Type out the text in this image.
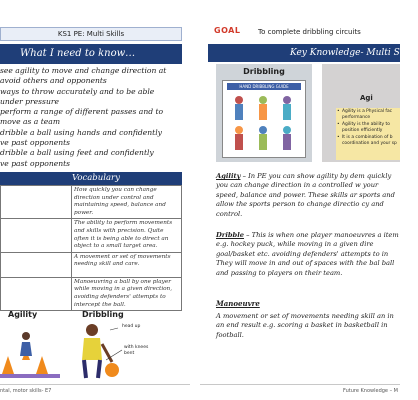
KS1 PE: Multi Skills
What I need to know…
see agility to move and change direction at
avoid others and opponents
ways to throw accurately and to be able
under pressure
perform a range of different passes and to
move as a team
dribble a ball using hands and confidently
ve past opponents
dribble a ball using feet and confidently
ve past opponents
Vocabulary
	How quickly you can change direction under control and maintaining speed, balance and power.
	The ability to perform movements and skills with precision. Quite often it is being able to direct an object to a small target area.
	A movement or set of movements needing skill and care.
	Manoeuvring a ball by one player while moving in a given direction, avoiding defenders' attempts to intercept the ball.
Agility	Dribbling
head up
with knees bent
ntal, motor skills- E7
GOAL	To complete dribbling circuits
Key Knowledge- Multi Skills
Dribbling
HAND DRIBBLING GUIDE
Agi
• Agility is a Physical fac performance
• Agility is the ability to position efficiently
• It is a combination of b coordination and your sp
Agility – In PE you can show agility by dem quickly you can change direction in a controlled w your speed, balance and power. These skills ar sports and allow the sports person to change directio cy and control.
Dribble – This is when one player manoeuvres a item e.g. hockey puck, while moving in a given dire goal/basket etc. avoiding defenders' attempts to in They will move in and out of spaces with the bal ball and passing to players on their team.
Manoeuvre
A movement or set of movements needing skill an in an end result e.g. scoring a basket in basketball in football.
Future Knowledge – M
